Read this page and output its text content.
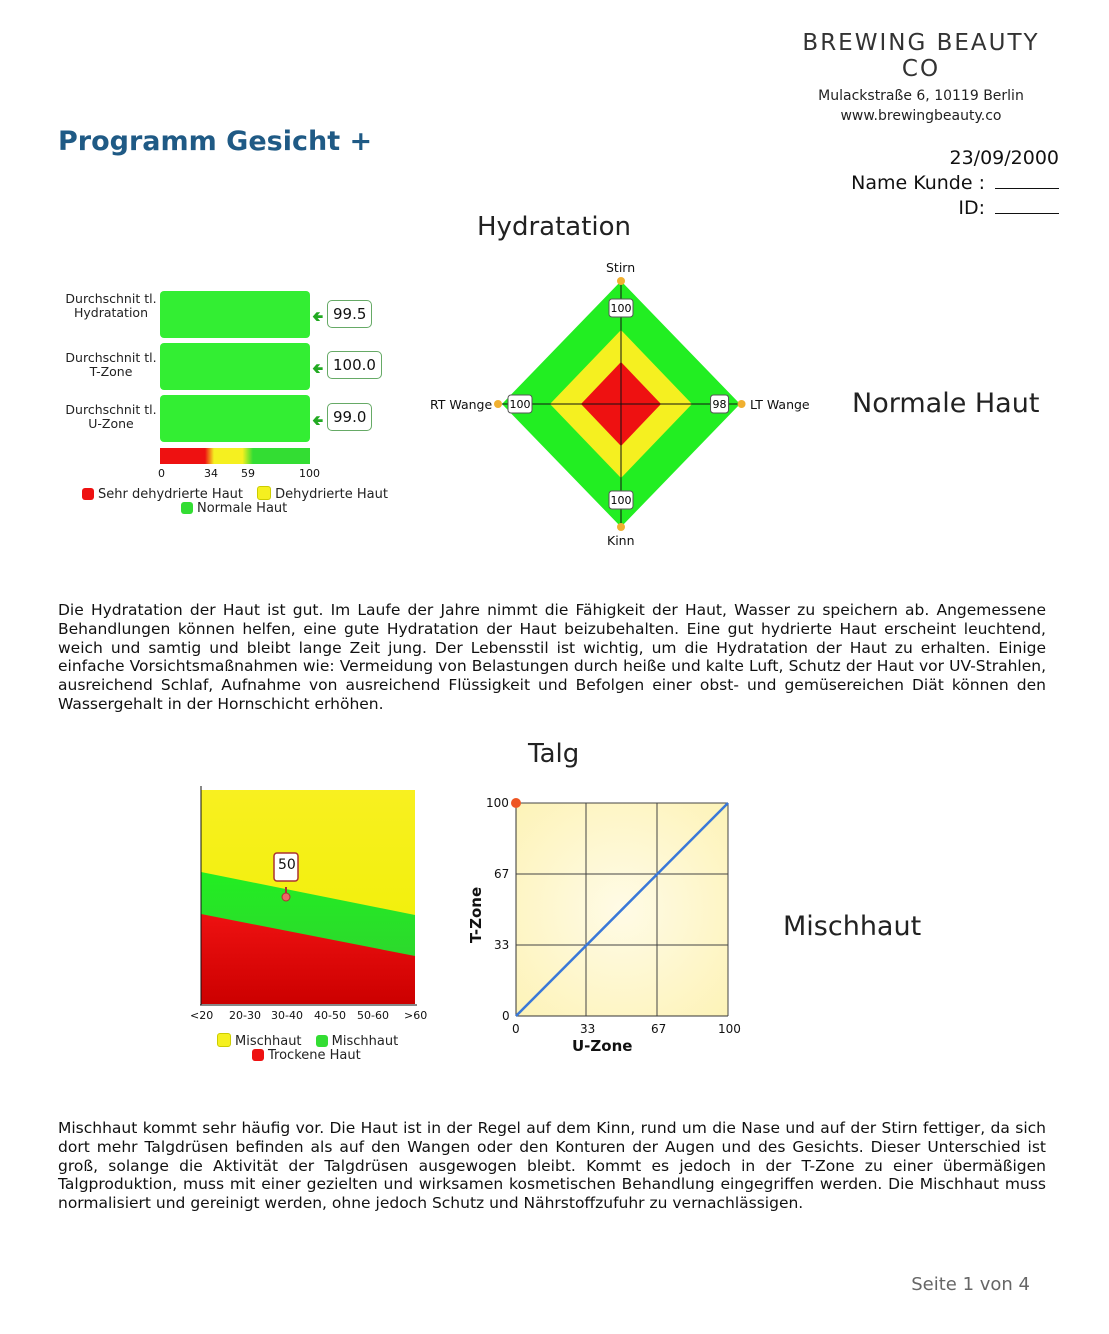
BREWING BEAUTY CO
Mulackstraße 6, 10119 Berlin
www.brewingbeauty.co
Programm Gesicht +
23/09/2000
Name Kunde :
ID:
Hydratation
Durchschnit tl. Hydratation	🢀 99.5
Durchschnit tl. T-Zone	🢀 100.0
Durchschnit tl. U-Zone	🢀 99.0
0	34 59	100
Sehr dehydrierte Haut Dehydrierte Haut
Normale Haut
100
98
100
100
Stirn
LT Wange
Kinn
RT Wange	Normale Haut
Die Hydratation der Haut ist gut. Im Laufe der Jahre nimmt die Fähigkeit der Haut, Wasser zu speichern ab. Angemessene Behandlungen können helfen, eine gute Hydratation der Haut beizubehalten. Eine gut hydrierte Haut erscheint leuchtend, weich und samtig und bleibt lange Zeit jung. Der Lebensstil ist wichtig, um die Hydratation der Haut zu erhalten. Einige einfache Vorsichtsmaßnahmen wie: Vermeidung von Belastungen durch heiße und kalte Luft, Schutz der Haut vor UV-Strahlen, ausreichend Schlaf, Aufnahme von ausreichend Flüssigkeit und Befolgen einer obst- und gemüsereichen Diät können den Wassergehalt in der Hornschicht erhöhen.
Talg
50
<20 20-30 30-40 40-50 50-60 >60
Mischhaut Mischhaut
Trockene Haut
100
67
33
0
0	33	67	100
U-Zone
T-Zone	Mischhaut
Mischhaut kommt sehr häufig vor. Die Haut ist in der Regel auf dem Kinn, rund um die Nase und auf der Stirn fettiger, da sich dort mehr Talgdrüsen befinden als auf den Wangen oder den Konturen der Augen und des Gesichts. Dieser Unterschied ist groß, solange die Aktivität der Talgdrüsen ausgewogen bleibt. Kommt es jedoch in der T-Zone zu einer übermäßigen Talgproduktion, muss mit einer gezielten und wirksamen kosmetischen Behandlung eingegriffen werden. Die Mischhaut muss normalisiert und gereinigt werden, ohne jedoch Schutz und Nährstoffzufuhr zu vernachlässigen.
Seite 1 von 4
